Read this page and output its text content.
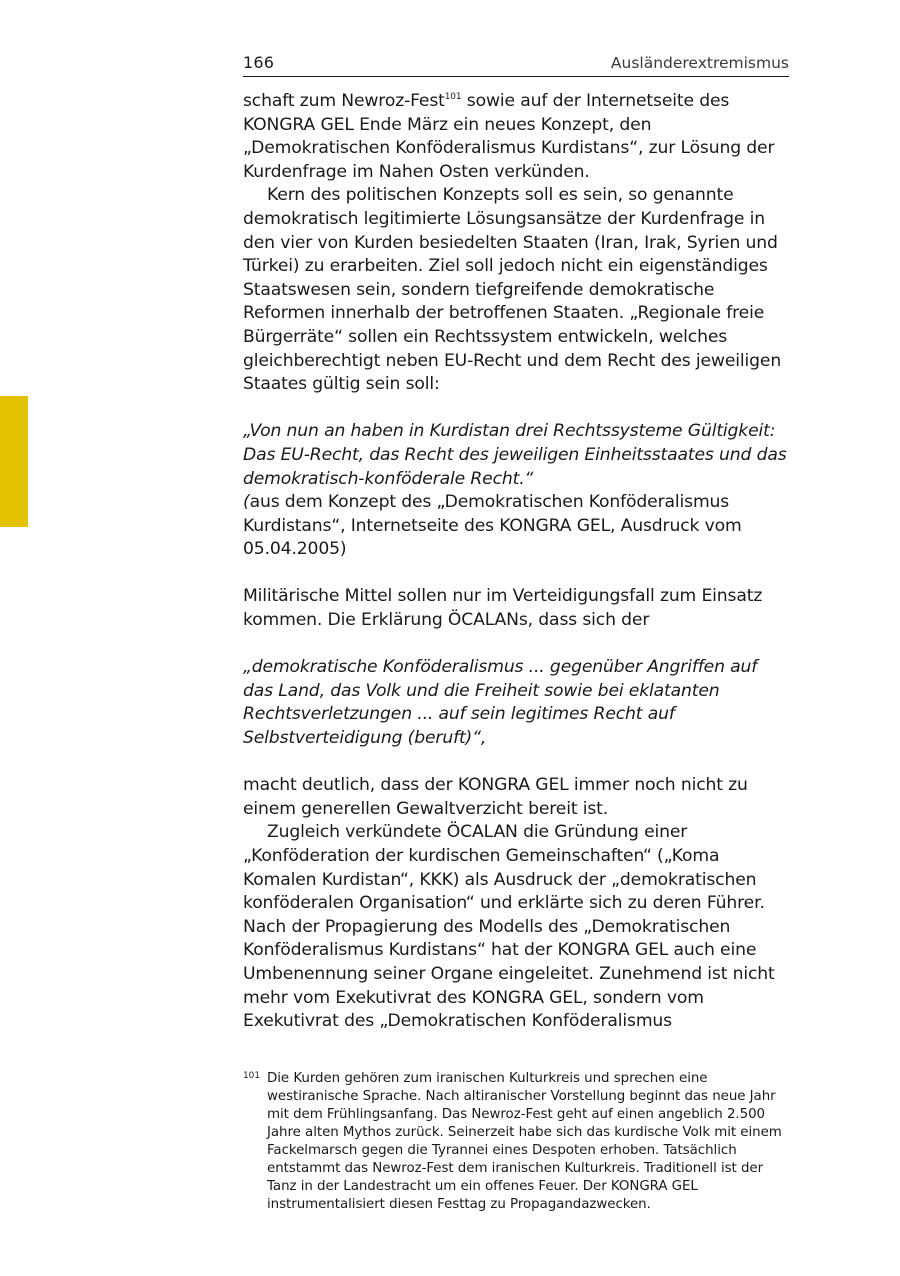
166	Ausländerextremismus

schaft zum Newroz-Fest$^{101}$ sowie auf der Internetseite des KONGRA GEL Ende März ein neues Konzept, den „Demokratischen Konföderalismus Kurdistans“, zur Lösung der Kurdenfrage im Nahen Osten verkünden.

Kern des politischen Konzepts soll es sein, so genannte demokratisch legitimierte Lösungsansätze der Kurdenfrage in den vier von Kurden besiedelten Staaten (Iran, Irak, Syrien und Türkei) zu erarbeiten. Ziel soll jedoch nicht ein eigenständiges Staatswesen sein, sondern tiefgreifende demokratische Reformen innerhalb der betroffenen Staaten. „Regionale freie Bürgerräte“ sollen ein Rechtssystem entwickeln, welches gleichberechtigt neben EU-Recht und dem Recht des jeweiligen Staates gültig sein soll:

„Von nun an haben in Kurdistan drei Rechtssysteme Gültigkeit: Das EU-Recht, das Recht des jeweiligen Einheitsstaates und das demokratisch-konföderale Recht.“

(aus dem Konzept des „Demokratischen Konföderalismus Kurdistans“, Internetseite des KONGRA GEL, Ausdruck vom 05.04.2005)

Militärische Mittel sollen nur im Verteidigungsfall zum Einsatz kommen. Die Erklärung ÖCALANs, dass sich der

„demokratische Konföderalismus ... gegenüber Angriffen auf das Land, das Volk und die Freiheit sowie bei eklatanten Rechtsverletzungen ... auf sein legitimes Recht auf Selbstverteidigung (beruft)“,

macht deutlich, dass der KONGRA GEL immer noch nicht zu einem generellen Gewaltverzicht bereit ist.

Zugleich verkündete ÖCALAN die Gründung einer „Konföderation der kurdischen Gemeinschaften“ („Koma Komalen Kurdistan“, KKK) als Ausdruck der „demokratischen konföderalen Organisation“ und erklärte sich zu deren Führer. Nach der Propagierung des Modells des „Demokratischen Konföderalismus Kurdistans“ hat der KONGRA GEL auch eine Umbenennung seiner Organe eingeleitet. Zunehmend ist nicht mehr vom Exekutivrat des KONGRA GEL, sondern vom Exekutivrat des „Demokratischen Konföderalismus

101 Die Kurden gehören zum iranischen Kulturkreis und sprechen eine westiranische Sprache. Nach altiranischer Vorstellung beginnt das neue Jahr mit dem Frühlingsanfang. Das Newroz-Fest geht auf einen angeblich 2.500 Jahre alten Mythos zurück. Seinerzeit habe sich das kurdische Volk mit einem Fackelmarsch gegen die Tyrannei eines Despoten erhoben. Tatsächlich entstammt das Newroz-Fest dem iranischen Kulturkreis. Traditionell ist der Tanz in der Landestracht um ein offenes Feuer. Der KONGRA GEL instrumentalisiert diesen Festtag zu Propagandazwecken.
